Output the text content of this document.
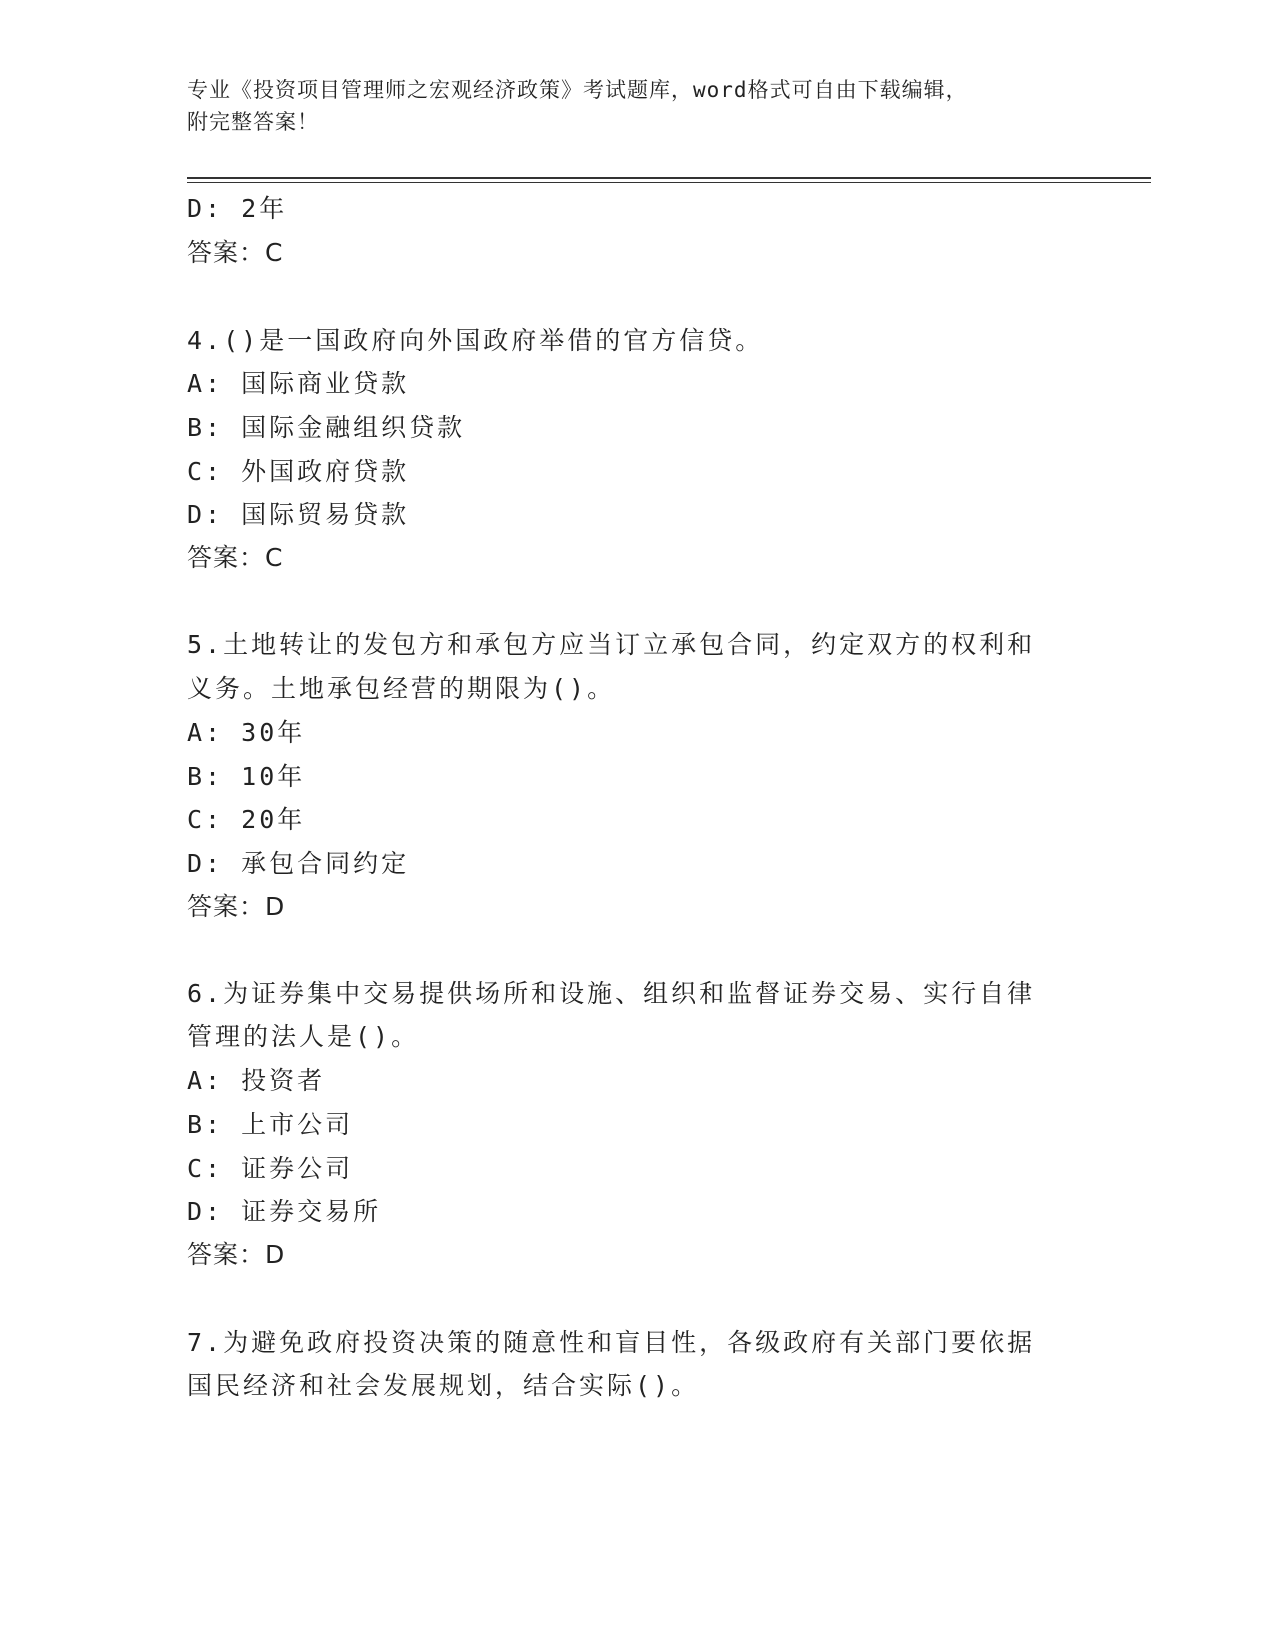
专业《投资项目管理师之宏观经济政策》考试题库，word格式可自由下载编辑，
附完整答案！
D: 2年
答案：C
4.()是一国政府向外国政府举借的官方信贷。
A: 国际商业贷款
B: 国际金融组织贷款
C: 外国政府贷款
D: 国际贸易贷款
答案：C
5.土地转让的发包方和承包方应当订立承包合同，约定双方的权利和
义务。土地承包经营的期限为()。
A: 30年
B: 10年
C: 20年
D: 承包合同约定
答案：D
6.为证券集中交易提供场所和设施、组织和监督证券交易、实行自律
管理的法人是()。
A: 投资者
B: 上市公司
C: 证券公司
D: 证券交易所
答案：D
7.为避免政府投资决策的随意性和盲目性，各级政府有关部门要依据
国民经济和社会发展规划，结合实际()。
